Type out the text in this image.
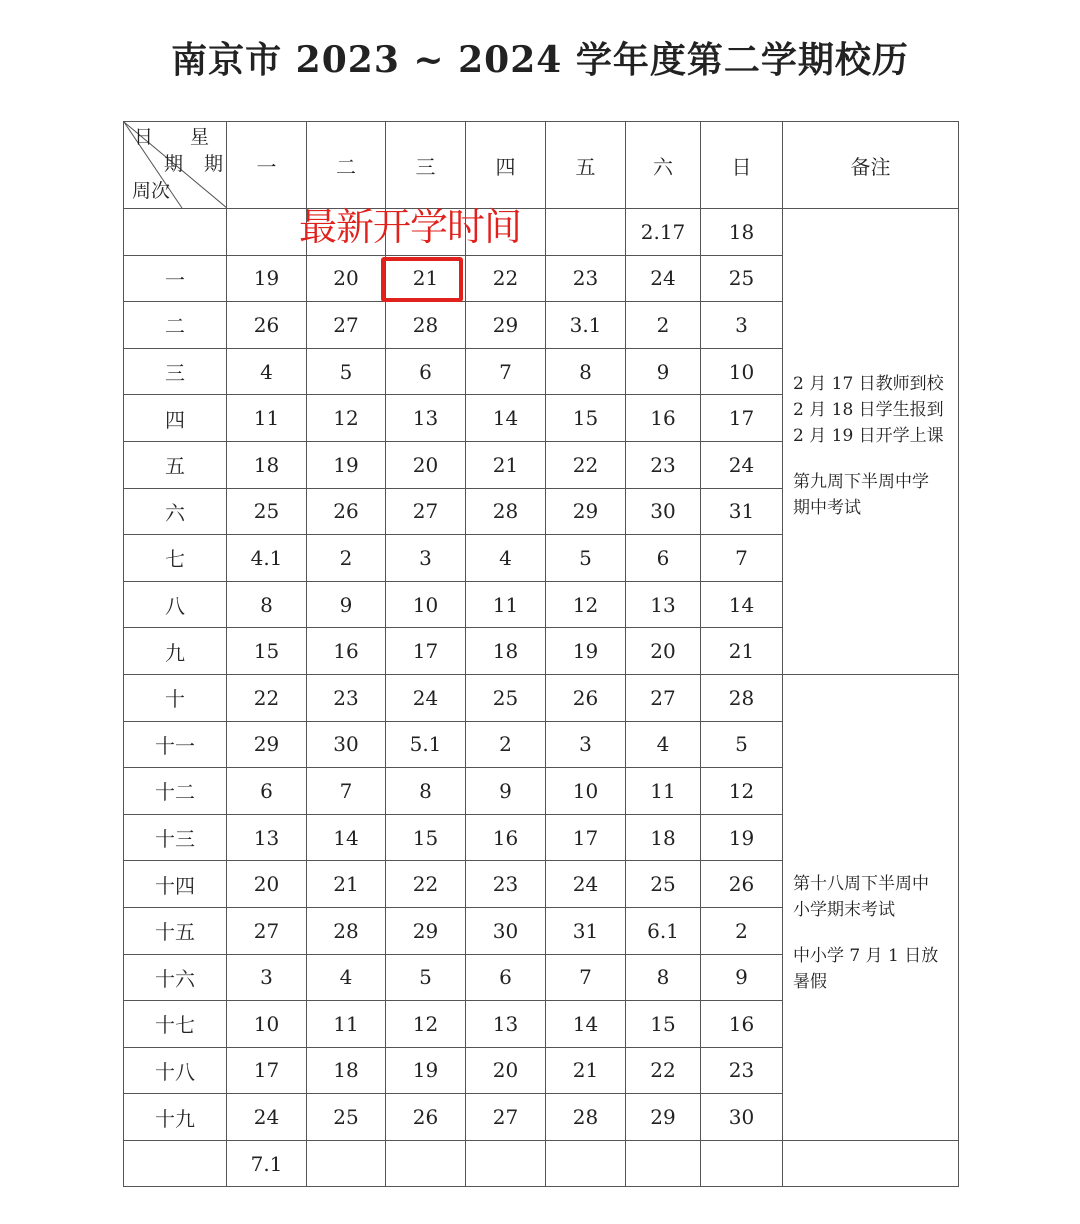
南京市 2023 ~ 2024 学年度第二学期校历
日 星
期 期
周次	一	二	三	四	五	六	日	备注
						2.17	18	2 月 17 日教师到校
2 月 18 日学生报到
2 月 19 日开学上课
第九周下半周中学
期中考试

一	19	20	21	22	23	24	25	
二	26	27	28	29	3.1	2	3	
三	4	5	6	7	8	9	10	
四	11	12	13	14	15	16	17	
五	18	19	20	21	22	23	24	
六	25	26	27	28	29	30	31	
七	4.1	2	3	4	5	6	7	
八	8	9	10	11	12	13	14	
九	15	16	17	18	19	20	21	
十	22	23	24	25	26	27	28	第十八周下半周中
小学期末考试
中小学 7 月 1 日放
暑假

十一	29	30	5.1	2	3	4	5	
十二	6	7	8	9	10	11	12	
十三	13	14	15	16	17	18	19	
十四	20	21	22	23	24	25	26	
十五	27	28	29	30	31	6.1	2	
十六	3	4	5	6	7	8	9	
十七	10	11	12	13	14	15	16	
十八	17	18	19	20	21	22	23	
十九	24	25	26	27	28	29	30	
	7.1							
最新开学时间
